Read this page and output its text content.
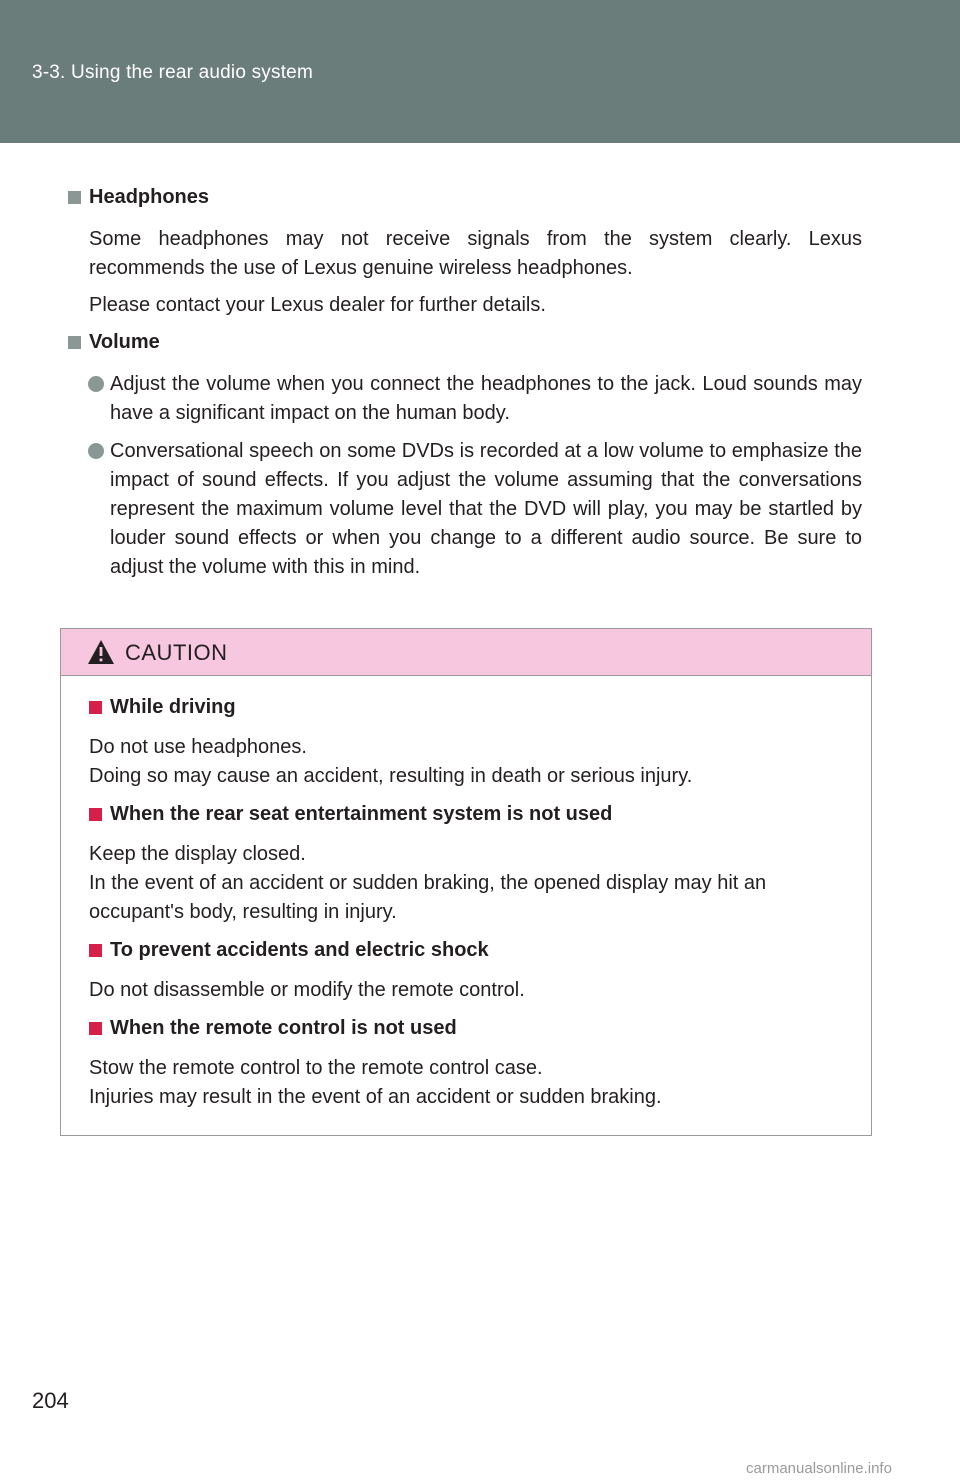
3-3. Using the rear audio system
Headphones
Some headphones may not receive signals from the system clearly. Lexus recommends the use of Lexus genuine wireless headphones.
Please contact your Lexus dealer for further details.
Volume
Adjust the volume when you connect the headphones to the jack. Loud sounds may have a significant impact on the human body.
Conversational speech on some DVDs is recorded at a low volume to emphasize the impact of sound effects. If you adjust the volume assuming that the conversations represent the maximum volume level that the DVD will play, you may be startled by louder sound effects or when you change to a different audio source. Be sure to adjust the volume with this in mind.
CAUTION
While driving
Do not use headphones.
Doing so may cause an accident, resulting in death or serious injury.
When the rear seat entertainment system is not used
Keep the display closed.
In the event of an accident or sudden braking, the opened display may hit an occupant's body, resulting in injury.
To prevent accidents and electric shock
Do not disassemble or modify the remote control.
When the remote control is not used
Stow the remote control to the remote control case.
Injuries may result in the event of an accident or sudden braking.
204
carmanualsonline.info
